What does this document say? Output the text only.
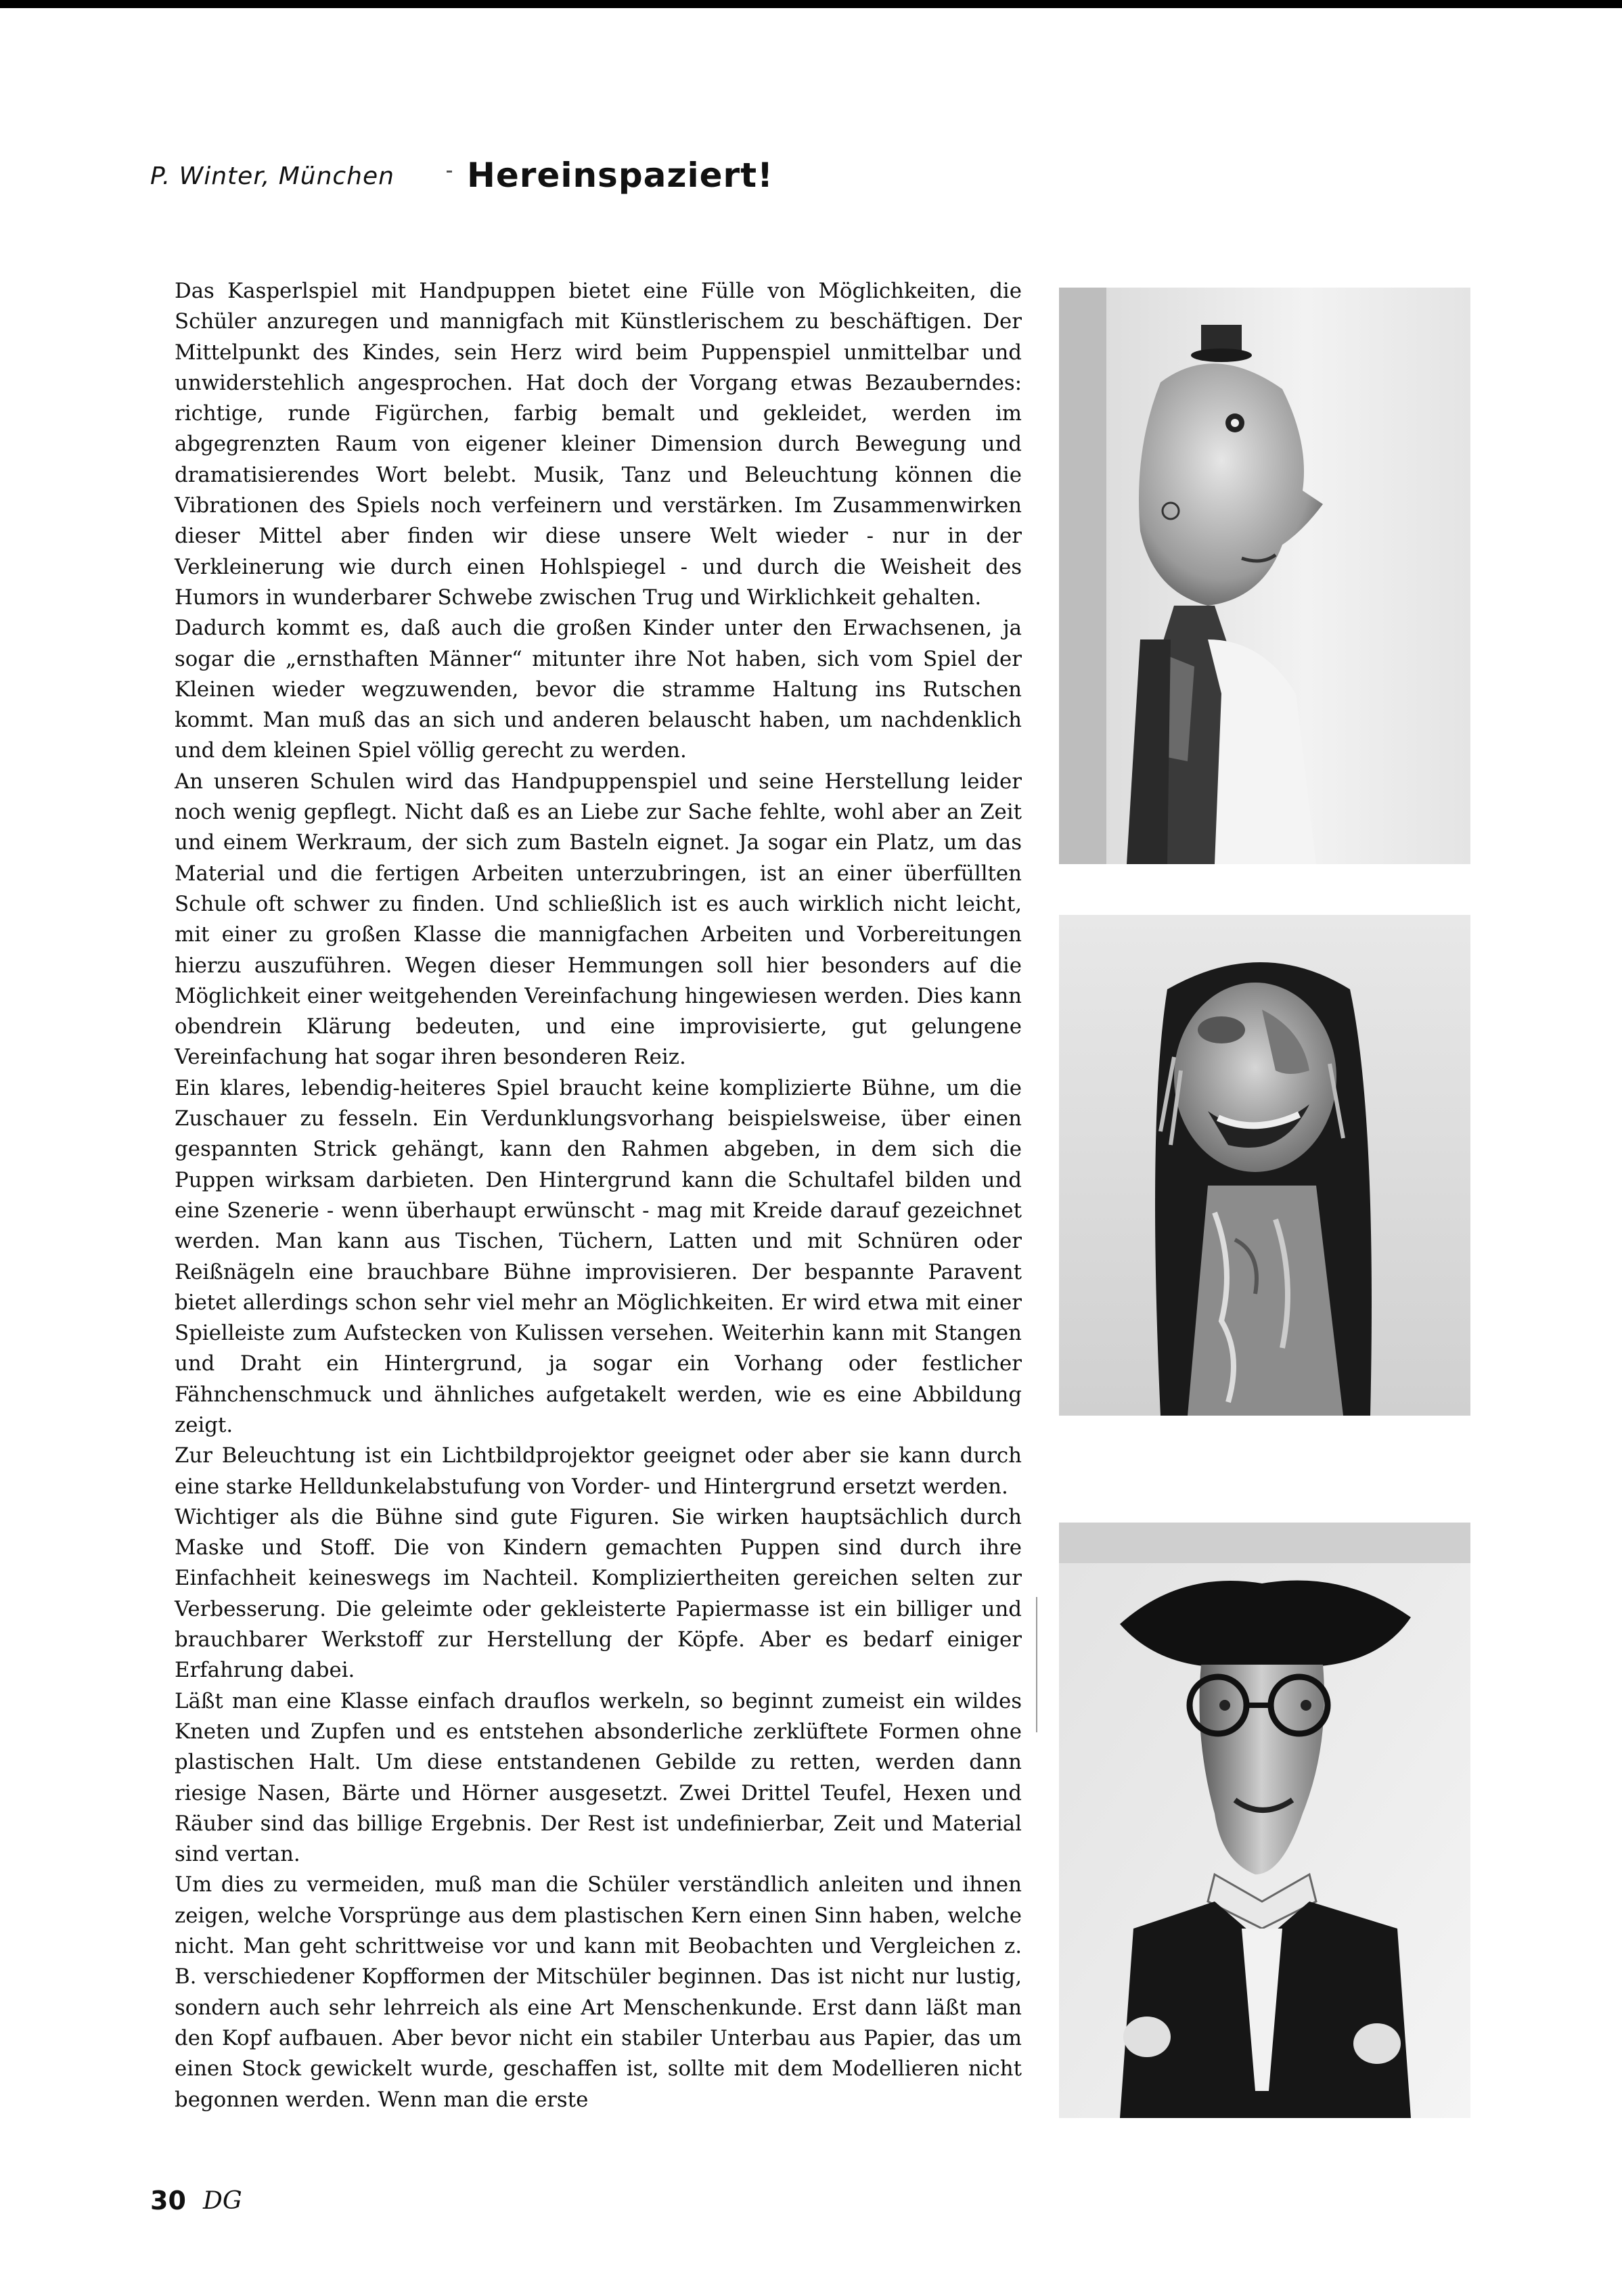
P. Winter, München Hereinspaziert!

Das Kasperlspiel mit Handpuppen bietet eine Fülle von Möglichkeiten, die Schüler anzuregen und mannigfach mit Künstlerischem zu beschäftigen. Der Mittelpunkt des Kindes, sein Herz wird beim Puppenspiel unmittelbar und unwiderstehlich angesprochen. Hat doch der Vorgang etwas Bezauberndes: richtige, runde Figürchen, farbig bemalt und gekleidet, werden im abgegrenzten Raum von eigener kleiner Dimension durch Bewegung und dramatisierendes Wort belebt. Musik, Tanz und Beleuchtung können die Vibrationen des Spiels noch verfeinern und verstärken. Im Zusammenwirken dieser Mittel aber finden wir diese unsere Welt wieder - nur in der Verkleinerung wie durch einen Hohlspiegel - und durch die Weisheit des Humors in wunderbarer Schwebe zwischen Trug und Wirklichkeit gehalten.

Dadurch kommt es, daß auch die großen Kinder unter den Erwachsenen, ja sogar die „ernsthaften Männer“ mitunter ihre Not haben, sich vom Spiel der Kleinen wieder wegzuwenden, bevor die stramme Haltung ins Rutschen kommt. Man muß das an sich und anderen belauscht haben, um nachdenklich und dem kleinen Spiel völlig gerecht zu werden.

An unseren Schulen wird das Handpuppenspiel und seine Herstellung leider noch wenig gepflegt. Nicht daß es an Liebe zur Sache fehlte, wohl aber an Zeit und einem Werkraum, der sich zum Basteln eignet. Ja sogar ein Platz, um das Material und die fertigen Arbeiten unterzubringen, ist an einer überfüllten Schule oft schwer zu finden. Und schließlich ist es auch wirklich nicht leicht, mit einer zu großen Klasse die mannigfachen Arbeiten und Vorbereitungen hierzu auszuführen. Wegen dieser Hemmungen soll hier besonders auf die Möglichkeit einer weitgehenden Vereinfachung hingewiesen werden. Dies kann obendrein Klärung bedeuten, und eine improvisierte, gut gelungene Vereinfachung hat sogar ihren besonderen Reiz.

Ein klares, lebendig-heiteres Spiel braucht keine komplizierte Bühne, um die Zuschauer zu fesseln. Ein Verdunklungsvorhang beispielsweise, über einen gespannten Strick gehängt, kann den Rahmen abgeben, in dem sich die Puppen wirksam darbieten. Den Hintergrund kann die Schultafel bilden und eine Szenerie - wenn überhaupt erwünscht - mag mit Kreide darauf gezeichnet werden. Man kann aus Tischen, Tüchern, Latten und mit Schnüren oder Reißnägeln eine brauchbare Bühne improvisieren. Der bespannte Paravent bietet allerdings schon sehr viel mehr an Möglichkeiten. Er wird etwa mit einer Spielleiste zum Aufstecken von Kulissen versehen. Weiterhin kann mit Stangen und Draht ein Hintergrund, ja sogar ein Vorhang oder festlicher Fähnchenschmuck und ähnliches aufgetakelt werden, wie es eine Abbildung zeigt.

Zur Beleuchtung ist ein Lichtbildprojektor geeignet oder aber sie kann durch eine starke Helldunkelabstufung von Vorder- und Hintergrund ersetzt werden.

Wichtiger als die Bühne sind gute Figuren. Sie wirken hauptsächlich durch Maske und Stoff. Die von Kindern gemachten Puppen sind durch ihre Einfachheit keineswegs im Nachteil. Kompliziertheiten gereichen selten zur Verbesserung. Die geleimte oder gekleisterte Papiermasse ist ein billiger und brauchbarer Werkstoff zur Herstellung der Köpfe. Aber es bedarf einiger Erfahrung dabei.

Läßt man eine Klasse einfach drauflos werkeln, so beginnt zumeist ein wildes Kneten und Zupfen und es entstehen absonderliche zerklüftete Formen ohne plastischen Halt. Um diese entstandenen Gebilde zu retten, werden dann riesige Nasen, Bärte und Hörner ausgesetzt. Zwei Drittel Teufel, Hexen und Räuber sind das billige Ergebnis. Der Rest ist undefinierbar, Zeit und Material sind vertan.

Um dies zu vermeiden, muß man die Schüler verständlich anleiten und ihnen zeigen, welche Vorsprünge aus dem plastischen Kern einen Sinn haben, welche nicht. Man geht schrittweise vor und kann mit Beobachten und Vergleichen z. B. verschiedener Kopfformen der Mitschüler beginnen. Das ist nicht nur lustig, sondern auch sehr lehrreich als eine Art Menschenkunde. Erst dann läßt man den Kopf aufbauen. Aber bevor nicht ein stabiler Unterbau aus Papier, das um einen Stock gewickelt wurde, geschaffen ist, sollte mit dem Modellieren nicht begonnen werden. Wenn man die erste

30 DG
